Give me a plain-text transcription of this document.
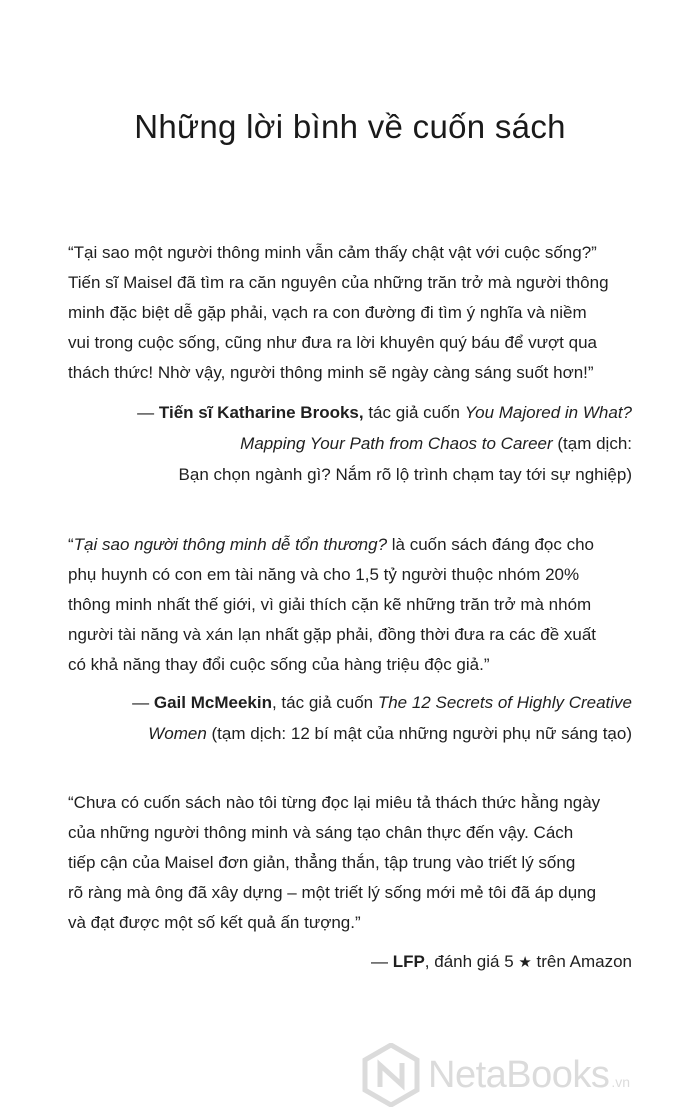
Những lời bình về cuốn sách
“Tại sao một người thông minh vẫn cảm thấy chật vật với cuộc sống?”
Tiến sĩ Maisel đã tìm ra căn nguyên của những trăn trở mà người thông
minh đặc biệt dễ gặp phải, vạch ra con đường đi tìm ý nghĩa và niềm
vui trong cuộc sống, cũng như đưa ra lời khuyên quý báu để vượt qua
thách thức! Nhờ vậy, người thông minh sẽ ngày càng sáng suốt hơn!”
— Tiến sĩ Katharine Brooks, tác giả cuốn You Majored in What?
Mapping Your Path from Chaos to Career (tạm dịch:
Bạn chọn ngành gì? Nắm rõ lộ trình chạm tay tới sự nghiệp)
“Tại sao người thông minh dễ tổn thương? là cuốn sách đáng đọc cho
phụ huynh có con em tài năng và cho 1,5 tỷ người thuộc nhóm 20%
thông minh nhất thế giới, vì giải thích cặn kẽ những trăn trở mà nhóm
người tài năng và xán lạn nhất gặp phải, đồng thời đưa ra các đề xuất
có khả năng thay đổi cuộc sống của hàng triệu độc giả.”
— Gail McMeekin, tác giả cuốn The 12 Secrets of Highly Creative
Women (tạm dịch: 12 bí mật của những người phụ nữ sáng tạo)
“Chưa có cuốn sách nào tôi từng đọc lại miêu tả thách thức hằng ngày
của những người thông minh và sáng tạo chân thực đến vậy. Cách
tiếp cận của Maisel đơn giản, thẳng thắn, tập trung vào triết lý sống
rõ ràng mà ông đã xây dựng – một triết lý sống mới mẻ tôi đã áp dụng
và đạt được một số kết quả ấn tượng.”
— LFP, đánh giá 5 ★ trên Amazon
NetaBooks .vn
